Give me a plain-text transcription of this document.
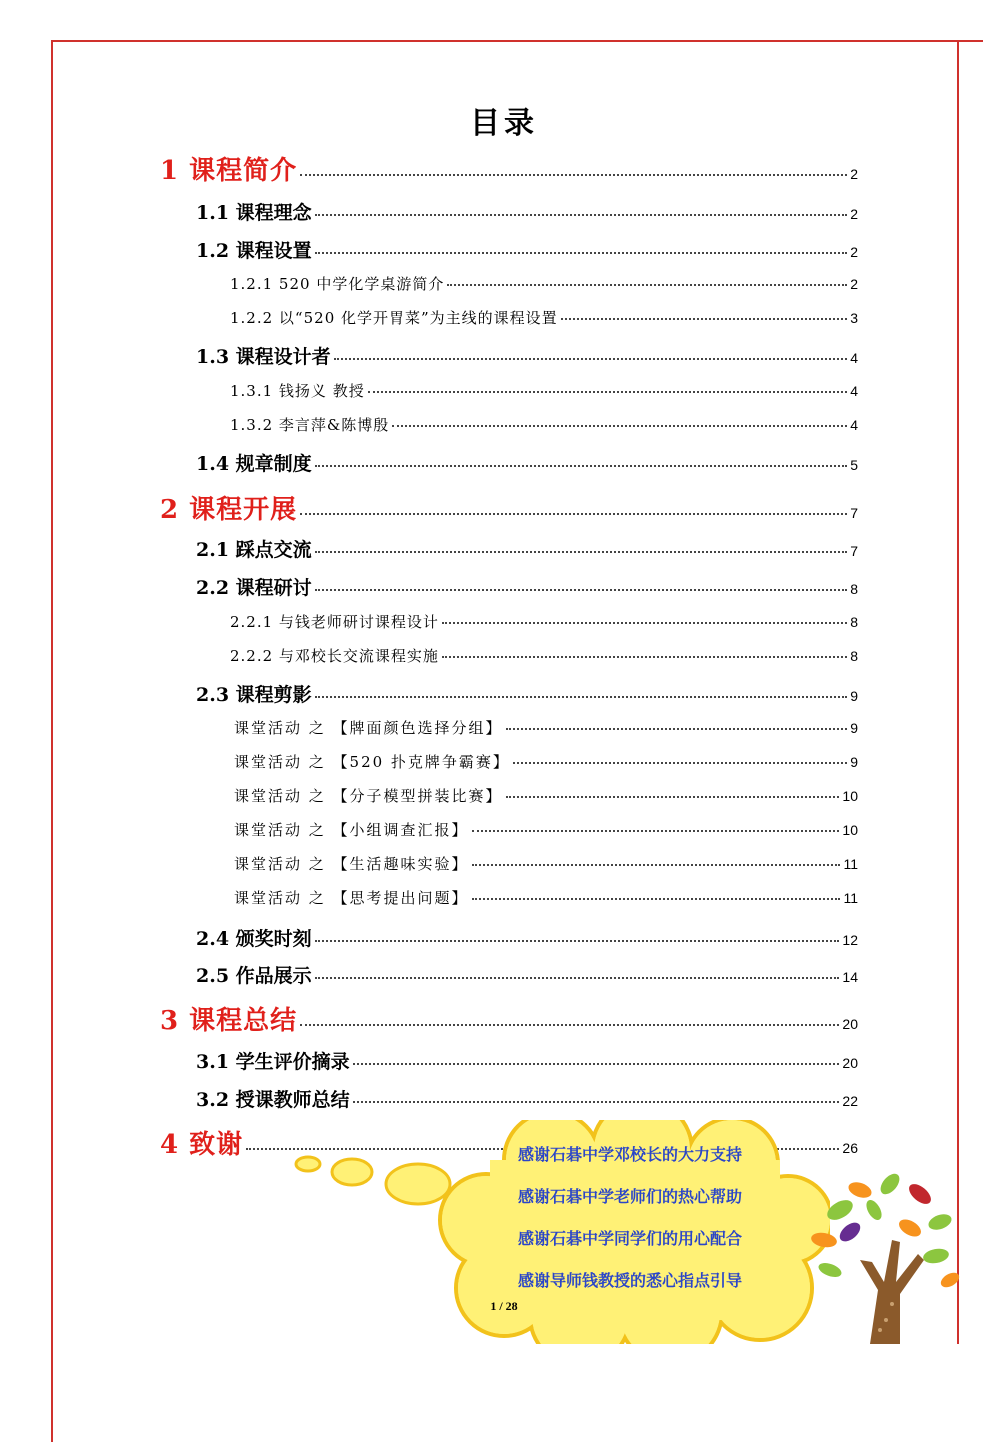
目录
1 课程简介	2
1.1 课程理念	2
1.2 课程设置	2
1.2.1 520 中学化学桌游简介	2
1.2.2 以“520 化学开胃菜”为主线的课程设置	3
1.3 课程设计者	4
1.3.1 钱扬义 教授	4
1.3.2 李言萍&陈博殷	4
1.4 规章制度	5
2 课程开展	7
2.1 踩点交流	7
2.2 课程研讨	8
2.2.1 与钱老师研讨课程设计	8
2.2.2 与邓校长交流课程实施	8
2.3 课程剪影	9
课堂活动 之 【牌面颜色选择分组】	9
课堂活动 之 【520 扑克牌争霸赛】	9
课堂活动 之 【分子模型拼装比赛】	10
课堂活动 之 【小组调查汇报】	10
课堂活动 之 【生活趣味实验】	11
课堂活动 之 【思考提出问题】	11
2.4 颁奖时刻	12
2.5 作品展示	14
3 课程总结	20
3.1 学生评价摘录	20
3.2 授课教师总结	22
4 致谢	26
感谢石碁中学邓校长的大力支持
感谢石碁中学老师们的热心帮助
感谢石碁中学同学们的用心配合
感谢导师钱教授的悉心指点引导
1 / 28
